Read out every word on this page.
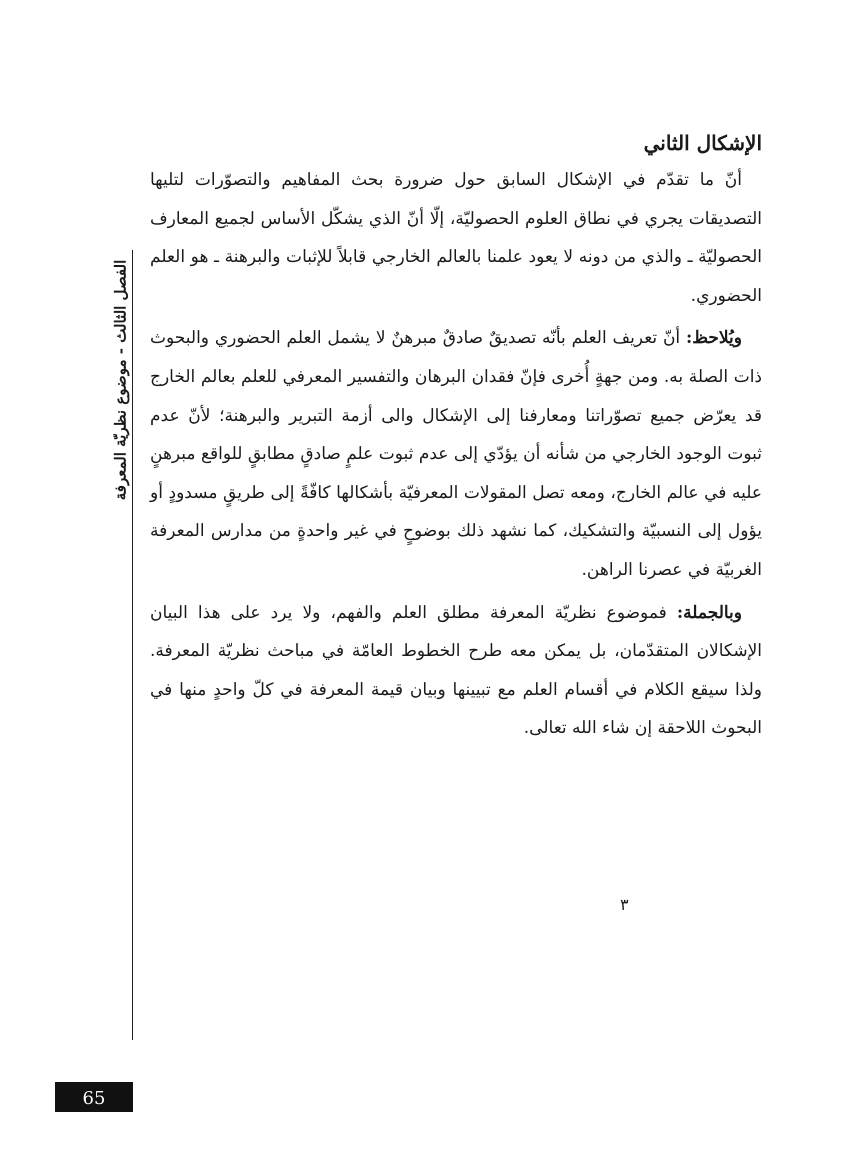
الإشكال الثاني

أنّ ما تقدّم في الإشكال السابق حول ضرورة بحث المفاهيم والتصوّرات لتليها التصديقات يجري في نطاق العلوم الحصوليّة، إلّا أنّ الذي يشكّل الأساس لجميع المعارف الحصوليّة ـ والذي من دونه لا يعود علمنا بالعالم الخارجي قابلاً للإثبات والبرهنة ـ هو العلم الحضوري.

ويُلاحظ: أنّ تعريف العلم بأنّه تصديقٌ صادقٌ مبرهنٌ لا يشمل العلم الحضوري والبحوث ذات الصلة به. ومن جهةٍ أُخرى فإنّ فقدان البرهان والتفسير المعرفي للعلم بعالم الخارج قد يعرّض جميع تصوّراتنا ومعارفنا إلى الإشكال والى أزمة التبرير والبرهنة؛ لأنّ عدم ثبوت الوجود الخارجي من شأنه أن يؤدّي إلى عدم ثبوت علمٍ صادقٍ مطابقٍ للواقع مبرهنٍ عليه في عالم الخارج، ومعه تصل المقولات المعرفيّة بأشكالها كافّةً إلى طريقٍ مسدودٍ أو يؤول إلى النسبيّة والتشكيك، كما نشهد ذلك بوضوحٍ في غير واحدةٍ من مدارس المعرفة الغربيّة في عصرنا الراهن.

وبالجملة: فموضوع نظريّة المعرفة مطلق العلم والفهم، ولا يرد على هذا البيان الإشكالان المتقدّمان، بل يمكن معه طرح الخطوط العامّة في مباحث نظريّة المعرفة. ولذا سيقع الكلام في أقسام العلم مع تبيينها وبيان قيمة المعرفة في كلّ واحدٍ منها في البحوث اللاحقة إن شاء الله تعالى.

٣
الفصل الثالث - موضوع نظريّة المعرفة
65
